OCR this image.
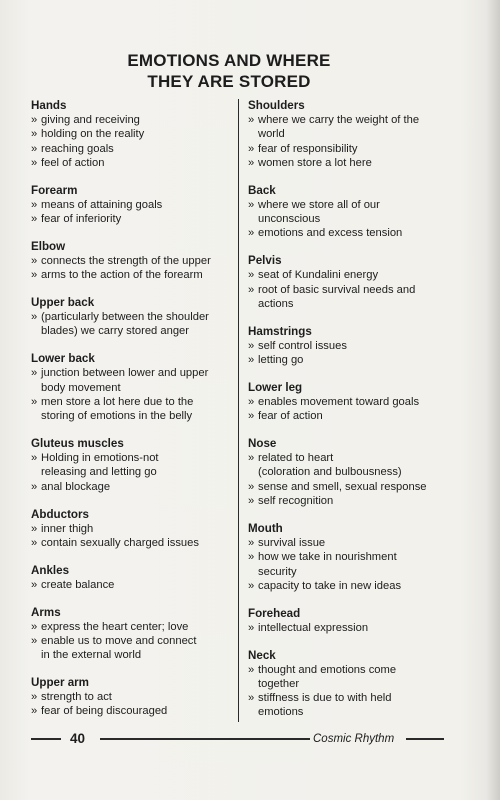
EMOTIONS AND WHERE
THEY ARE STORED
Hands
» giving and receiving
» holding on the reality
» reaching goals
» feel of action
Forearm
» means of attaining goals
» fear of inferiority
Elbow
» connects the strength of the upper
» arms to the action of the forearm
Upper back
» (particularly between the shoulder
blades) we carry stored anger
Lower back
» junction between lower and upper
body movement
» men store a lot here due to the
storing of emotions in the belly
Gluteus muscles
» Holding in emotions-not
releasing and letting go
» anal blockage
Abductors
» inner thigh
» contain sexually charged issues
Ankles
» create balance
Arms
» express the heart center; love
» enable us to move and connect
in the external world
Upper arm
» strength to act
» fear of being discouraged
Shoulders
» where we carry the weight of the
world
» fear of responsibility
» women store a lot here
Back
» where we store all of our
unconscious
» emotions and excess tension
Pelvis
» seat of Kundalini energy
» root of basic survival needs and
actions
Hamstrings
» self control issues
» letting go
Lower leg
» enables movement toward goals
» fear of action
Nose
» related to heart
(coloration and bulbousness)
» sense and smell, sexual response
» self recognition
Mouth
» survival issue
» how we take in nourishment
security
» capacity to take in new ideas
Forehead
» intellectual expression
Neck
» thought and emotions come
together
» stiffness is due to with held
emotions
40	Cosmic Rhythm
